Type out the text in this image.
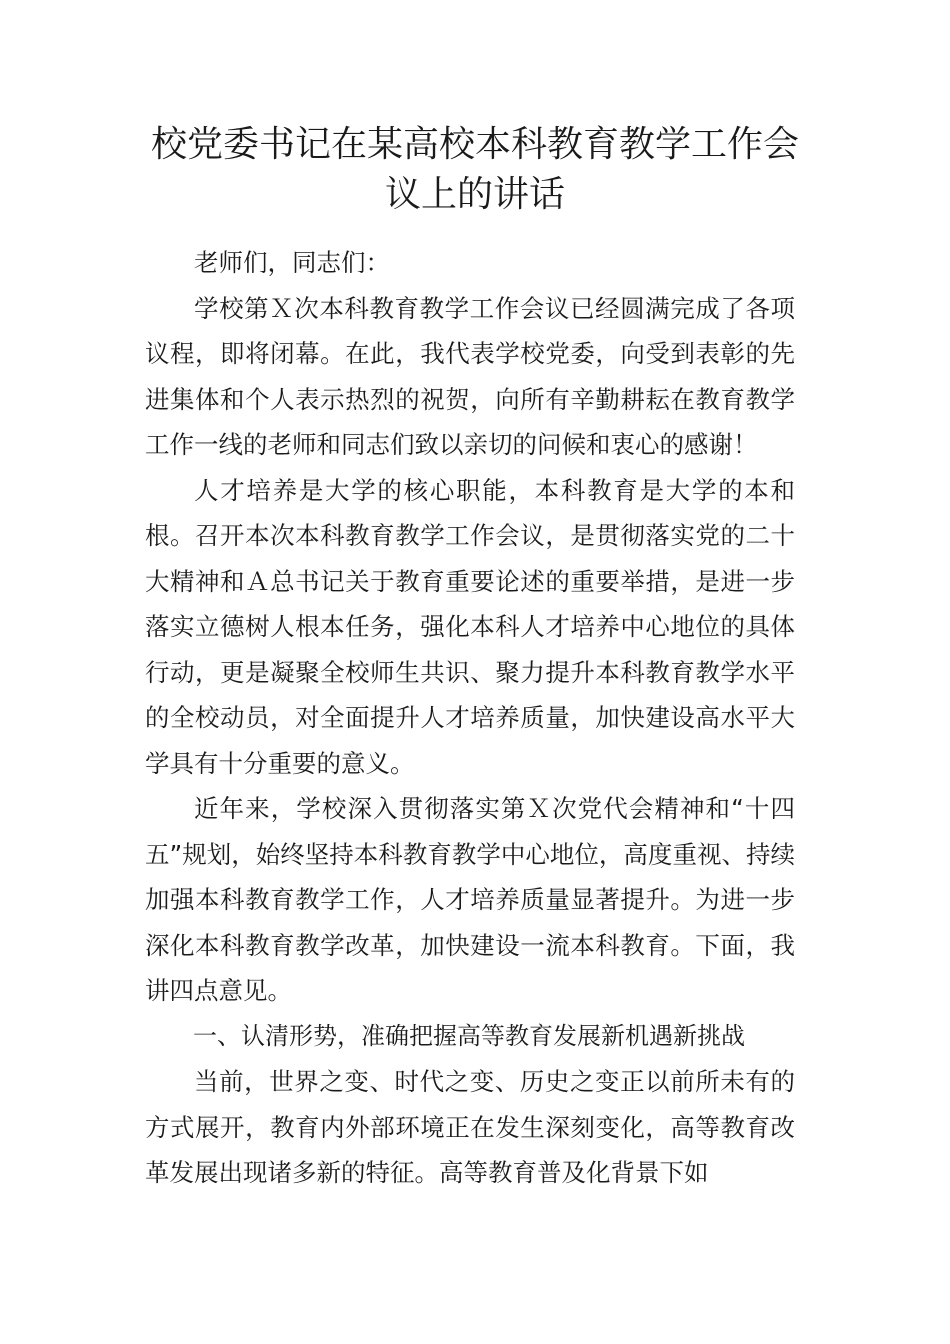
校党委书记在某高校本科教育教学工作会
议上的讲话

老师们，同志们：

学校第Ｘ次本科教育教学工作会议已经圆满完成了各项议程，即将闭幕。在此，我代表学校党委，向受到表彰的先进集体和个人表示热烈的祝贺，向所有辛勤耕耘在教育教学工作一线的老师和同志们致以亲切的问候和衷心的感谢！

人才培养是大学的核心职能，本科教育是大学的本和根。召开本次本科教育教学工作会议，是贯彻落实党的二十大精神和Ａ总书记关于教育重要论述的重要举措，是进一步落实立德树人根本任务，强化本科人才培养中心地位的具体行动，更是凝聚全校师生共识、聚力提升本科教育教学水平的全校动员，对全面提升人才培养质量，加快建设高水平大学具有十分重要的意义。

近年来，学校深入贯彻落实第Ｘ次党代会精神和“十四五”规划，始终坚持本科教育教学中心地位，高度重视、持续加强本科教育教学工作，人才培养质量显著提升。为进一步深化本科教育教学改革，加快建设一流本科教育。下面，我讲四点意见。

一、认清形势，准确把握高等教育发展新机遇新挑战

当前，世界之变、时代之变、历史之变正以前所未有的方式展开，教育内外部环境正在发生深刻变化，高等教育改革发展出现诸多新的特征。高等教育普及化背景下如
